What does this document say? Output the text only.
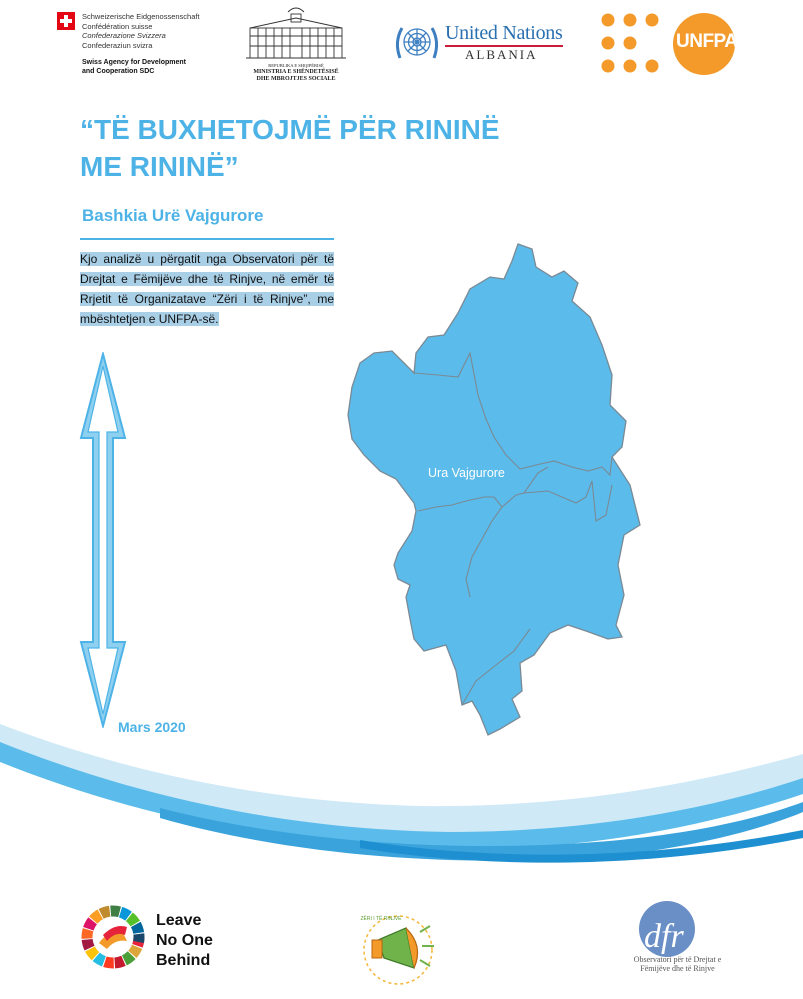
Schweizerische Eidgenossenschaft
Confédération suisse
Confederazione Svizzera
Confederaziun svizra
Swiss Agency for Development
and Cooperation SDC
REPUBLIKA E SHQIPËRISË
MINISTRIA E SHËNDETËSISË
DHE MBROJTJES SOCIALE
United Nations
ALBANIA
UNFPA
“TË BUXHETOJMË PËR RININË ME RININË”
Bashkia Urë Vajgurore
Kjo analizë u përgatit nga Observatori për të Drejtat e Fëmijëve dhe të Rinjve, në emër të Rrjetit të Organizatave “Zëri i të Rinjve”, me mbështetjen e UNFPA-së.
Mars 2020
Ura Vajgurore
Leave
No One
Behind
ZËRI I TË RINJVE	dfr
Observatori për të Drejtat e Fëmijëve dhe të Rinjve
